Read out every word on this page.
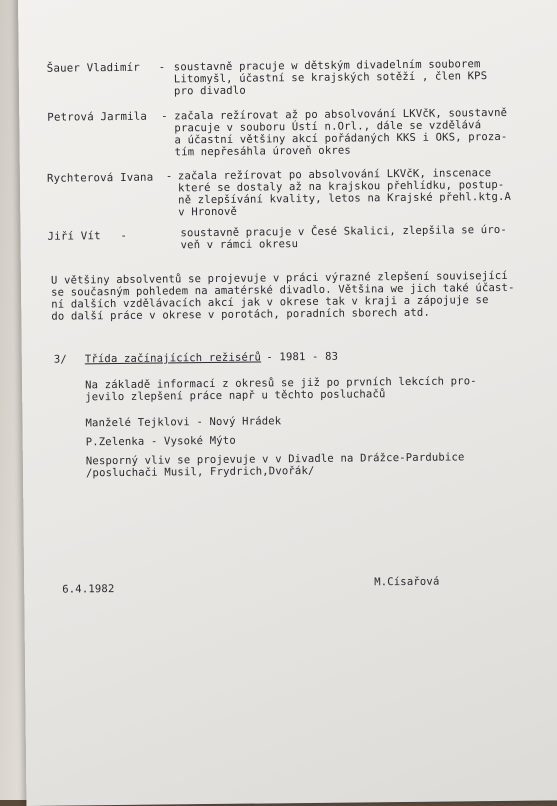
Šauer Vladimír - soustavně pracuje w dětským divadelním souborem
Litomyšl, účastní se krajských sotěží , člen KPS
pro divadlo
Petrová Jarmila - začala režírovat až po absolvování LKVčK, soustavně
pracuje v souboru Ústí n.Orl., dále se vzdělává
a účastní většiny akcí pořádaných KKS i OKS, proza-
tím nepřesáhla úroveň okres
Rychterová Ivana - začala režírovat po absolvování LKVčK, inscenace
které se dostaly až na krajskou přehlídku, postup-
ně zlepšívání kvality, letos na Krajské přehl.ktg.A
v Hronově
Jiří Vít -	soustavně pracuje v Česé Skalici, zlepšila se úro-
veň v rámci okresu
U většiny absolventů se projevuje v práci výrazné zlepšení související
se současným pohledem na amatérské divadlo. Většina we jich také účast-
ní dalších vzdělávacích akcí jak v okrese tak v kraji a zápojuje se
do další práce v okrese v porotách, poradních sborech atd.
3/ Třída začínajících režisérů
- 1981 - 83
Na základě informací z okresů se již po prvních lekcích pro-
jevilo zlepšení práce např u těchto posluchačů
Manželé Tejklovi - Nový Hrádek
P.Zelenka - Vysoké Mýto
Nesporný vliv se projevuje v v Divadle na Drážce-Pardubice
/posluchači Musil, Frydrich,Dvořák/
6.4.1982
M.Císařová
